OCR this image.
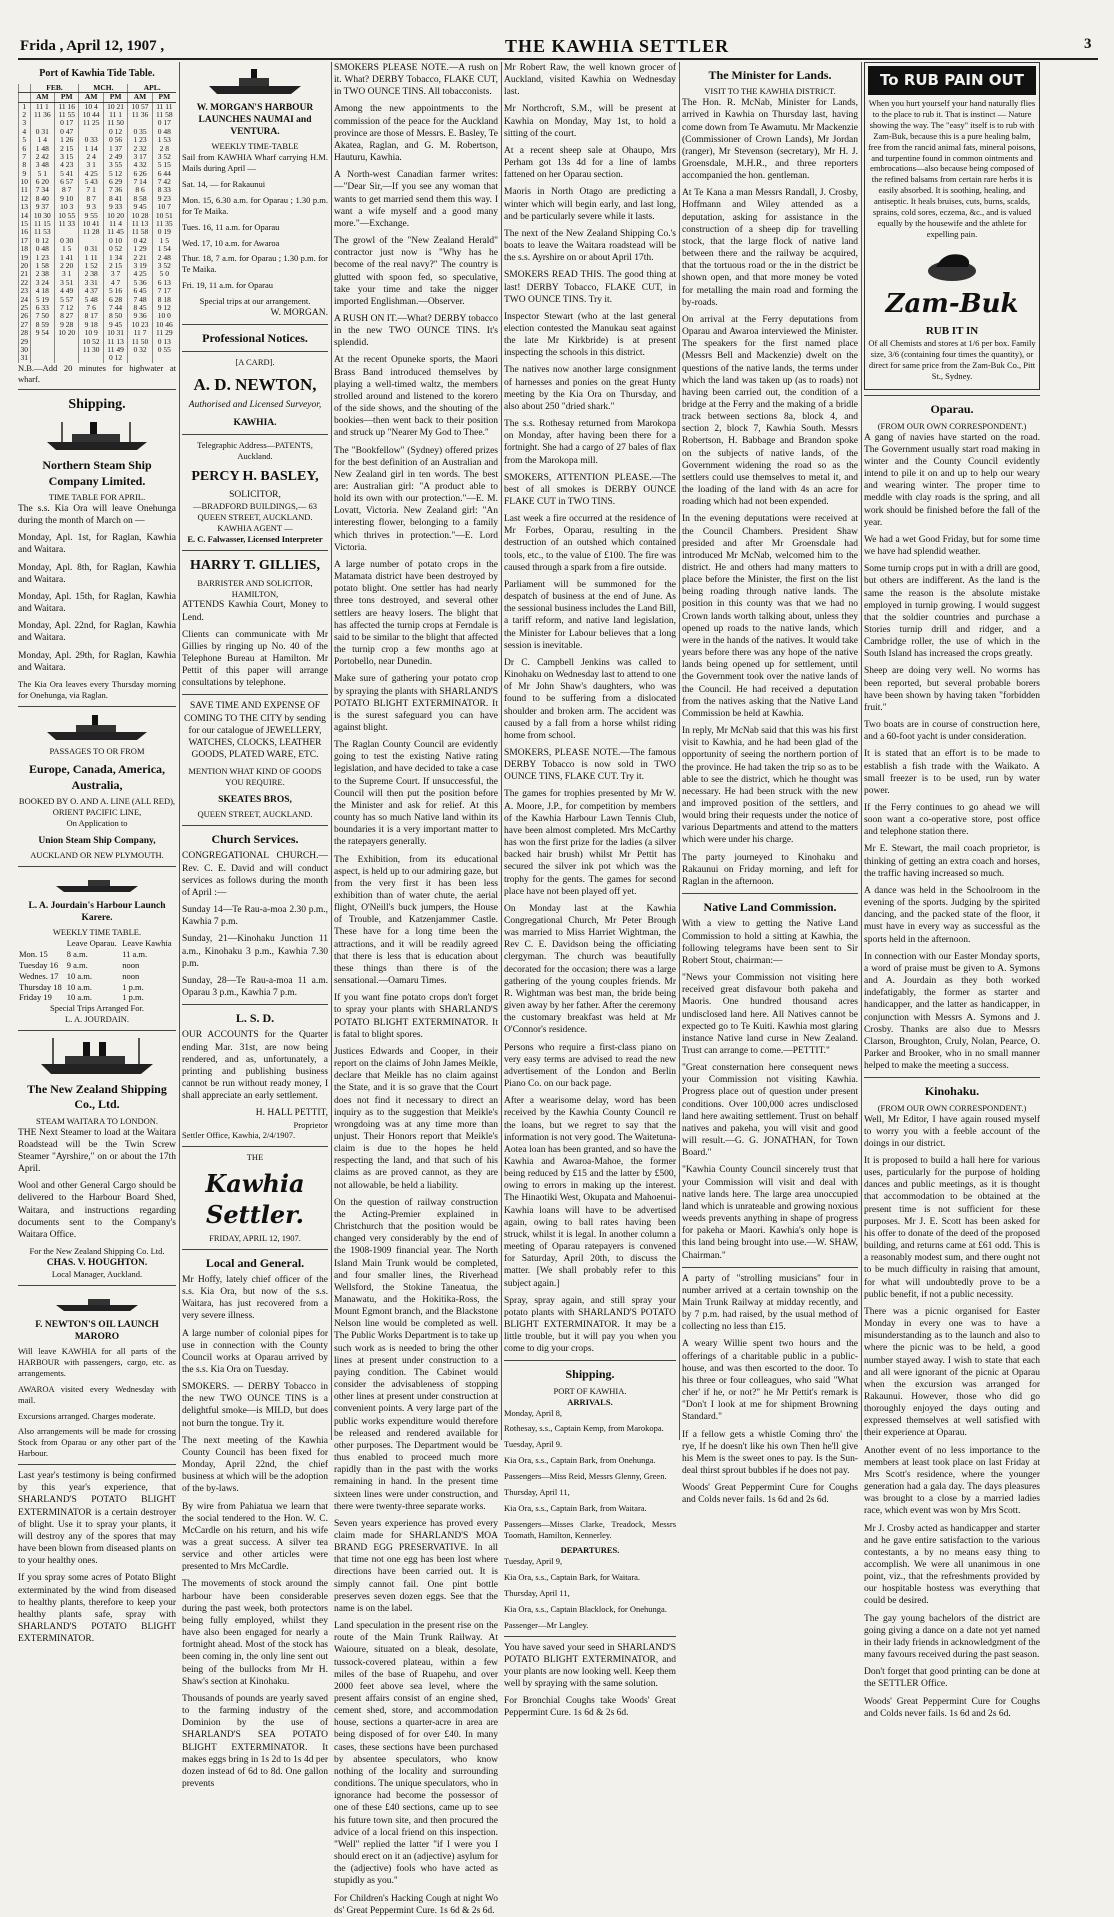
Frida , April 12, 1907 ,	THE KAWHIA SETTLER	3
Port of Kawhia Tide Table.
	FEB.		MCH.		APL.	
	AM	PM	AM	PM	AM	PM
1	11 1	11 16	10 4	10 21	10 57	11 11
2	11 36	11 55	10 44	11 1	11 36	11 58
3		0 17	11 25	11 50		0 17
4	0 31	0 47		0 12	0 35	0 48
5	1 4	1 26	0 33	0 56	1 23	1 53
6	1 48	2 15	1 14	1 37	2 32	2 8
7	2 42	3 15	2 4	2 49	3 17	3 52
8	3 48	4 23	3 1	3 55	4 32	5 15
9	5 1	5 41	4 25	5 12	6 26	6 44
10	6 20	6 57	5 43	6 29	7 14	7 42
11	7 34	8 7	7 1	7 36	8 6	8 33
12	8 40	9 10	8 7	8 41	8 58	9 23
13	9 37	10 3	9 3	9 33	9 45	10 7
14	10 30	10 55	9 55	10 20	10 28	10 51
15	11 15	11 33	10 41	11 4	11 13	11 35
16	11 53		11 28	11 45	11 58	0 19
17	0 12	0 30		0 10	0 42	1 5
18	0 48	1 5	0 31	0 52	1 29	1 54
19	1 23	1 41	1 11	1 34	2 21	2 48
20	1 58	2 20	1 52	2 15	3 19	3 52
21	2 38	3 1	2 38	3 7	4 25	5 0
22	3 24	3 51	3 31	4 7	5 36	6 13
23	4 18	4 49	4 37	5 16	6 45	7 17
24	5 19	5 57	5 48	6 28	7 48	8 18
25	6 33	7 12	7 6	7 44	8 45	9 12
26	7 50	8 27	8 17	8 50	9 36	10 0
27	8 59	9 28	9 18	9 45	10 23	10 46
28	9 54	10 20	10 9	10 31	11 7	11 29
29			10 52	11 13	11 50	0 13
30			11 30	11 49	0 32	0 55
31				0 12		

N.B.—Add 20 minutes for highwater at wharf.

Shipping.
Northern Steam Ship Company Limited.
TIME TABLE FOR APRIL.

The s.s. Kia Ora will leave Onehunga during the month of March on —

Monday, Apl. 1st, for Raglan, Kawhia and Waitara.

Monday, Apl. 8th, for Raglan, Kawhia and Waitara.

Monday, Apl. 15th, for Raglan, Kawhia and Waitara.

Monday, Apl. 22nd, for Raglan, Kawhia and Waitara.

Monday, Apl. 29th, for Raglan, Kawhia and Waitara.

The Kia Ora leaves every Thursday morning for Onehunga, via Raglan.

PASSAGES TO OR FROM
Europe, Canada, America, Australia,
BOOKED BY O. AND A. LINE (ALL RED), ORIENT PACIFIC LINE,
On Application to
Union Steam Ship Company,
AUCKLAND OR NEW PLYMOUTH.
L. A. Jourdain's Harbour Launch Karere.
WEEKLY TIME TABLE.
	Leave Oparau.	Leave Kawhia
Mon. 15	8 a.m.	11 a.m.
Tuesday 16	9 a.m.	noon
Wednes. 17	10 a.m.	noon
Thursday 18	10 a.m.	1 p.m.
Friday 19	10 a.m.	1 p.m.
Special Trips Arranged For.
L. A. JOURDAIN.
The New Zealand Shipping Co., Ltd.
STEAM WAITARA TO LONDON.

THE Next Steamer to load at the Waitara Roadstead will be the Twin Screw Steamer "Ayrshire," on or about the 17th April.

Wool and other General Cargo should be delivered to the Harbour Board Shed, Waitara, and instructions regarding documents sent to the Company's Waitara Office.

For the New Zealand Shipping Co. Ltd.
CHAS. V. HOUGHTON.
Local Manager, Auckland.
F. NEWTON'S OIL LAUNCH MARORO

Will leave KAWHIA for all parts of the HARBOUR with passengers, cargo, etc. as arrangements.

AWAROA visited every Wednesday with mail.

Excursions arranged. Charges moderate.

Also arrangements will be made for crossing Stock from Oparau or any other part of the Harbour.

Last year's testimony is being confirmed by this year's experience, that SHARLAND'S POTATO BLIGHT EXTERMINATOR is a certain destroyer of blight. Use it to spray your plants, it will destroy any of the spores that may have been blown from diseased plants on to your healthy ones.

If you spray some acres of Potato Blight exterminated by the wind from diseased to healthy plants, therefore to keep your healthy plants safe, spray with SHARLAND'S POTATO BLIGHT EXTERMINATOR.

W. MORGAN'S HARBOUR LAUNCHES NAUMAI and VENTURA.
WEEKLY TIME-TABLE

Sail from KAWHIA Wharf carrying H.M. Mails during April —

Sat. 14, — for Rakaunui

Mon. 15, 6.30 a.m. for Oparau ; 1.30 p.m. for Te Maika.

Tues. 16, 11 a.m. for Oparau

Wed. 17, 10 a.m. for Awaroa

Thur. 18, 7 a.m. for Oparau ; 1.30 p.m. for Te Maika.

Fri. 19, 11 a.m. for Oparau

Special trips at our arrangement.
W. MORGAN.
Professional Notices.
[A CARD].
A. D. NEWTON,
Authorised and Licensed Surveyor,
KAWHIA.
Telegraphic Address—PATENTS, Auckland.
PERCY H. BASLEY,
SOLICITOR,
—BRADFORD BUILDINGS,— 63 QUEEN STREET, AUCKLAND.
KAWHIA AGENT —
E. C. Falwasser, Licensed Interpreter
HARRY T. GILLIES,
BARRISTER AND SOLICITOR,
HAMILTON,

ATTENDS Kawhia Court, Money to Lend.

Clients can communicate with Mr Gillies by ringing up No. 40 of the Telephone Bureau at Hamilton. Mr Pettit of this paper will arrange consultations by telephone.

SAVE TIME AND EXPENSE OF COMING TO THE CITY by sending for our catalogue of JEWELLERY, WATCHES, CLOCKS, LEATHER GOODS, PLATED WARE, ETC.

MENTION WHAT KIND OF GOODS YOU REQUIRE.

SKEATES BROS,
QUEEN STREET, AUCKLAND.
Church Services.

CONGREGATIONAL CHURCH.—Rev. C. E. David and will conduct services as follows during the month of April :—

Sunday 14—Te Rau-a-moa 2.30 p.m., Kawhia 7 p.m.

Sunday, 21—Kinohaku Junction 11 a.m., Kinohaku 3 p.m., Kawhia 7.30 p.m.

Sunday, 28—Te Rau-a-moa 11 a.m. Oparau 3 p.m., Kawhia 7 p.m.

L. S. D.

OUR ACCOUNTS for the Quarter ending Mar. 31st, are now being rendered, and as, unfortunately, a printing and publishing business cannot be run without ready money, I shall appreciate an early settlement.

H. HALL PETTIT,
Proprietor
Settler Office, Kawhia, 2/4/1907.
THE
Kawhia Settler.
FRIDAY, APRIL 12, 1907.
Local and General.

Mr Hoffy, lately chief officer of the s.s. Kia Ora, but now of the s.s. Waitara, has just recovered from a very severe illness.

A large number of colonial pipes for use in connection with the County Council works at Oparau arrived by the s.s. Kia Ora on Tuesday.

SMOKERS. — DERBY Tobacco in the new TWO OUNCE TINS is a delightful smoke—is MILD, but does not burn the tongue. Try it.

The next meeting of the Kawhia County Council has been fixed for Monday, April 22nd, the chief business at which will be the adoption of the by-laws.

By wire from Pahiatua we learn that the social tendered to the Hon. W. C. McCardle on his return, and his wife was a great success. A silver tea service and other articles were presented to Mrs McCardle.

The movements of stock around the harbour have been considerable during the past week, both protectors being fully employed, whilst they have also been engaged for nearly a fortnight ahead. Most of the stock has been coming in, the only line sent out being of the bullocks from Mr H. Shaw's section at Kinohaku.

Thousands of pounds are yearly saved to the farming industry of the Dominion by the use of SHARLAND'S SEA POTATO BLIGHT EXTERMINATOR. It makes eggs bring in 1s 2d to 1s 4d per dozen instead of 6d to 8d. One gallon prevents

SMOKERS PLEASE NOTE.—A rush on it. What? DERBY Tobacco, FLAKE CUT, in TWO OUNCE TINS. All tobacconists.

Among the new appointments to the commission of the peace for the Auckland province are those of Messrs. E. Basley, Te Akatea, Raglan, and G. M. Robertson, Hauturu, Kawhia.

A North-west Canadian farmer writes:—"Dear Sir,—If you see any woman that wants to get married send them this way. I want a wife myself and a good many more."—Exchange.

The growl of the "New Zealand Herald" contractor just now is "Why has he become of the real navy?" The country is glutted with spoon fed, so speculative, take your time and take the nigger imported Englishman.—Observer.

A RUSH ON IT.—What? DERBY tobacco in the new TWO OUNCE TINS. It's splendid.

At the recent Opuneke sports, the Maori Brass Band introduced themselves by playing a well-timed waltz, the members strolled around and listened to the korero of the side shows, and the shouting of the bookies—then went back to their position and struck up "Nearer My God to Thee."

The "Bookfellow" (Sydney) offered prizes for the best definition of an Australian and New Zealand girl in ten words. The best are: Australian girl: "A product able to hold its own with our protection."—E. M. Lovatt, Victoria. New Zealand girl: "An interesting flower, belonging to a family which thrives in protection."—E. Lord Victoria.

A large number of potato crops in the Matamata district have been destroyed by potato blight. One settler has had nearly three tons destroyed, and several other settlers are heavy losers. The blight that has affected the turnip crops at Ferndale is said to be similar to the blight that affected the turnip crop a few months ago at Portobello, near Dunedin.

Make sure of gathering your potato crop by spraying the plants with SHARLAND'S POTATO BLIGHT EXTERMINATOR. It is the surest safeguard you can have against blight.

The Raglan County Council are evidently going to test the existing Native rating legislation, and have decided to take a case to the Supreme Court. If unsuccessful, the Council will then put the position before the Minister and ask for relief. At this county has so much Native land within its boundaries it is a very important matter to the ratepayers generally.

The Exhibition, from its educational aspect, is held up to our admiring gaze, but from the very first it has been less exhibition than of water chute, the aerial flight, O'Neill's buck jumpers, the House of Trouble, and Katzenjammer Castle. These have for a long time been the attractions, and it will be readily agreed that there is less that is education about these things than there is of the sensational.—Oamaru Times.

If you want fine potato crops don't forget to spray your plants with SHARLAND'S POTATO BLIGHT EXTERMINATOR. It is fatal to blight spores.

Justices Edwards and Cooper, in their report on the claims of John James Meikle, declare that Meikle has no claim against the State, and it is so grave that the Court does not find it necessary to direct an inquiry as to the suggestion that Meikle's wrongdoing was at any time more than unjust. Their Honors report that Meikle's claim is due to the hopes he held respecting the land, and that such of his claims as are proved cannot, as they are not allowable, be held a liability.

On the question of railway construction the Acting-Premier explained in Christchurch that the position would be changed very considerably by the end of the 1908-1909 financial year. The North Island Main Trunk would be completed, and four smaller lines, the Riverhead Wellsford, the Stokine Taneatua, the Manawatu, and the Hokitika-Ross, the Mount Egmont branch, and the Blackstone Nelson line would be completed as well. The Public Works Department is to take up such work as is needed to bring the other lines at present under construction to a paying condition. The Cabinet would consider the advisableness of stopping other lines at present under construction at convenient points. A very large part of the public works expenditure would therefore be released and rendered available for other purposes. The Department would be thus enabled to proceed much more rapidly than in the past with the works remaining in hand. In the present time sixteen lines were under construction, and there were twenty-three separate works.

Seven years experience has proved every claim made for SHARLAND'S MOA BRAND EGG PRESERVATIVE. In all that time not one egg has been lost where directions have been carried out. It is simply cannot fail. One pint bottle preserves seven dozen eggs. See that the name is on the label.

Land speculation in the present rise on the route of the Main Trunk Railway. At Waioure, situated on a bleak, desolate, tussock-covered plateau, within a few miles of the base of Ruapehu, and over 2000 feet above sea level, where the present affairs consist of an engine shed, cement shed, store, and accommodation house, sections a quarter-acre in area are being disposed of for over £40. In many cases, these sections have been purchased by absentee speculators, who know nothing of the locality and surrounding conditions. The unique speculators, who in ignorance had become the possessor of one of these £40 sections, came up to see his future town site, and then procured the advice of a local friend on this inspection. "Well" replied the latter "if I were you I should erect on it an (adjective) asylum for the (adjective) fools who have acted as stupidly as you."

For Children's Hacking Cough at night Wo ds' Great Peppermint Cure. 1s 6d & 2s 6d.

Mr Robert Raw, the well known grocer of Auckland, visited Kawhia on Wednesday last.

Mr Northcroft, S.M., will be present at Kawhia on Monday, May 1st, to hold a sitting of the court.

At a recent sheep sale at Ohaupo, Mrs Perham got 13s 4d for a line of lambs fattened on her Oparau section.

Maoris in North Otago are predicting a winter which will begin early, and last long, and be particularly severe while it lasts.

The next of the New Zealand Shipping Co.'s boats to leave the Waitara roadstead will be the s.s. Ayrshire on or about April 17th.

SMOKERS READ THIS. The good thing at last! DERBY Tobacco, FLAKE CUT, in TWO OUNCE TINS. Try it.

Inspector Stewart (who at the last general election contested the Manukau seat against the late Mr Kirkbride) is at present inspecting the schools in this district.

The natives now another large consignment of harnesses and ponies on the great Hunty meeting by the Kia Ora on Thursday, and also about 250 "dried shark."

The s.s. Rothesay returned from Marokopa on Monday, after having been there for a fortnight. She had a cargo of 27 bales of flax from the Marokopa mill.

SMOKERS, ATTENTION PLEASE.—The best of all smokes is DERBY OUNCE FLAKE CUT in TWO TINS.

Last week a fire occurred at the residence of Mr Forbes, Oparau, resulting in the destruction of an outshed which contained tools, etc., to the value of £100. The fire was caused through a spark from a fire outside.

Parliament will be summoned for the despatch of business at the end of June. As the sessional business includes the Land Bill, a tariff reform, and native land legislation, the Minister for Labour believes that a long session is inevitable.

Dr C. Campbell Jenkins was called to Kinohaku on Wednesday last to attend to one of Mr John Shaw's daughters, who was found to be suffering from a dislocated shoulder and broken arm. The accident was caused by a fall from a horse whilst riding home from school.

SMOKERS, PLEASE NOTE.—The famous DERBY Tobacco is now sold in TWO OUNCE TINS, FLAKE CUT. Try it.

The games for trophies presented by Mr W. A. Moore, J.P., for competition by members of the Kawhia Harbour Lawn Tennis Club, have been almost completed. Mrs McCarthy has won the first prize for the ladies (a silver backed hair brush) whilst Mr Pettit has secured the silver ink pot which was the trophy for the gents. The games for second place have not been played off yet.

On Monday last at the Kawhia Congregational Church, Mr Peter Brough was married to Miss Harriet Wightman, the Rev C. E. Davidson being the officiating clergyman. The church was beautifully decorated for the occasion; there was a large gathering of the young couples friends. Mr R. Wightman was best man, the bride being given away by her father. After the ceremony the customary breakfast was held at Mr O'Connor's residence.

Persons who require a first-class piano on very easy terms are advised to read the new advertisement of the London and Berlin Piano Co. on our back page.

After a wearisome delay, word has been received by the Kawhia County Council re the loans, but we regret to say that the information is not very good. The Waitetuna-Aotea loan has been granted, and so have the Kawhia and Awaroa-Mahoe, the former being reduced by £15 and the latter by £500, owing to errors in making up the interest. The Hinaotiki West, Okupata and Mahoenui-Kawhia loans will have to be advertised again, owing to ball rates having been struck, whilst it is legal. In another column a meeting of Oparau ratepayers is convened for Saturday, April 20th, to discuss the matter. [We shall probably refer to this subject again.]

Spray, spray again, and still spray your potato plants with SHARLAND'S POTATO BLIGHT EXTERMINATOR. It may be a little trouble, but it will pay you when you come to dig your crops.

Shipping.
PORT OF KAWHIA.
ARRIVALS.

Monday, April 8,

Rothesay, s.s., Captain Kemp, from Marokopa.

Tuesday, April 9.

Kia Ora, s.s., Captain Bark, from Onehunga.

Passengers—Miss Reid, Messrs Glenny, Green.

Thursday, April 11,

Kia Ora, s.s., Captain Bark, from Waitara.

Passengers—Misses Clarke, Treadock, Messrs Toomath, Hamilton, Kennerley.

DEPARTURES.

Tuesday, April 9,

Kia Ora, s.s., Captain Bark, for Waitara.

Thursday, April 11,

Kia Ora, s.s., Captain Blacklock, for Onehunga.

Passenger—Mr Langley.

You have saved your seed in SHARLAND'S POTATO BLIGHT EXTERMINATOR, and your plants are now looking well. Keep them well by spraying with the same solution.

For Bronchial Coughs take Woods' Great Peppermint Cure. 1s 6d & 2s 6d.

The Minister for Lands.
VISIT TO THE KAWHIA DISTRICT.

The Hon. R. McNab, Minister for Lands, arrived in Kawhia on Thursday last, having come down from Te Awamutu. Mr Mackenzie (Commissioner of Crown Lands), Mr Jordan (ranger), Mr Stevenson (secretary), Mr H. J. Groensdale, M.H.R., and three reporters accompanied the hon. gentleman.

At Te Kana a man Messrs Randall, J. Crosby, Hoffmann and Wiley attended as a deputation, asking for assistance in the construction of a sheep dip for travelling stock, that the large flock of native land between there and the railway be acquired, that the tortuous road or the in the district be shown open, and that more money be voted for metalling the main road and forming the by-roads.

On arrival at the Ferry deputations from Oparau and Awaroa interviewed the Minister. The speakers for the first named place (Messrs Bell and Mackenzie) dwelt on the questions of the native lands, the terms under which the land was taken up (as to roads) not having been carried out, the condition of a bridge at the Ferry and the making of a bridle track between sections 8a, block 4, and section 2, block 7, Kawhia South. Messrs Robertson, H. Babbage and Brandon spoke on the subjects of native lands, of the Government widening the road so as the settlers could use themselves to metal it, and the loading of the land with 4s an acre for roading which had not been expended.

In the evening deputations were received at the Council Chambers. President Shaw presided and after Mr Groensdale had introduced Mr McNab, welcomed him to the district. He and others had many matters to place before the Minister, the first on the list being roading through native lands. The position in this county was that we had no Crown lands worth talking about, unless they opened up roads to the native lands, which were in the hands of the natives. It would take years before there was any hope of the native lands being opened up for settlement, until the Government took over the native lands of the Council. He had received a deputation from the natives asking that the Native Land Commission be held at Kawhia.

In reply, Mr McNab said that this was his first visit to Kawhia, and he had been glad of the opportunity of seeing the northern portion of the province. He had taken the trip so as to be able to see the district, which he thought was necessary. He had been struck with the new and improved position of the settlers, and would bring their requests under the notice of various Departments and attend to the matters which were under his charge.

The party journeyed to Kinohaku and Rakaunui on Friday morning, and left for Raglan in the afternoon.

Native Land Commission.

With a view to getting the Native Land Commission to hold a sitting at Kawhia, the following telegrams have been sent to Sir Robert Stout, chairman:—

"News your Commission not visiting here received great disfavour both pakeha and Maoris. One hundred thousand acres undisclosed land here. All Natives cannot be expected go to Te Kuiti. Kawhia most glaring instance Native land curse in New Zealand. Trust can arrange to come.—PETTIT."

"Great consternation here consequent news your Commission not visiting Kawhia. Progress place out of question under present conditions. Over 100,000 acres undisclosed land here awaiting settlement. Trust on behalf natives and pakeha, you will visit and good will result.—G. G. JONATHAN, for Town Board."

"Kawhia County Council sincerely trust that your Commission will visit and deal with native lands here. The large area unoccupied land which is unrateable and growing noxious weeds prevents anything in shape of progress for pakeha or Maori. Kawhia's only hope is this land being brought into use.—W. SHAW, Chairman."

A party of "strolling musicians" four in number arrived at a certain township on the Main Trunk Railway at midday recently, and by 7 p.m. had raised, by the usual method of collecting no less than £15.

A weary Willie spent two hours and the offerings of a charitable public in a public-house, and was then escorted to the door. To his three or four colleagues, who said "What cher' if he, or not?" he Mr Pettit's remark is "Don't I look at me for shipment Browning Standard."

If a fellow gets a whistle Coming thro' the rye, If he doesn't like his own Then he'll give his Mem is the sweet ones to pay. Is the Sun-deal thirst sprout bubbles if he does not pay.

Woods' Great Peppermint Cure for Coughs and Colds never fails. 1s 6d and 2s 6d.

To RUB PAIN OUT

When you hurt yourself your hand naturally flies to the place to rub it. That is instinct — Nature showing the way. The "easy" itself is to rub with Zam-Buk, because this is a pure healing balm, free from the rancid animal fats, mineral poisons, and turpentine found in common ointments and embrocations—also because being composed of the refined balsams from certain rare herbs it is easily absorbed. It is soothing, healing, and antiseptic. It heals bruises, cuts, burns, scalds, sprains, cold sores, eczema, &c., and is valued equally by the housewife and the athlete for expelling pain.

Zam-Buk
RUB IT IN

Of all Chemists and stores at 1/6 per box. Family size, 3/6 (containing four times the quantity), or direct for same price from the Zam-Buk Co., Pitt St., Sydney.

Oparau.
(FROM OUR OWN CORRESPONDENT.)

A gang of navies have started on the road. The Government usually start road making in winter and the County Council evidently intend to pile it on and up to help our weary and wearing winter. The proper time to meddle with clay roads is the spring, and all work should be finished before the fall of the year.

We had a wet Good Friday, but for some time we have had splendid weather.

Some turnip crops put in with a drill are good, but others are indifferent. As the land is the same the reason is the absolute mistake employed in turnip growing. I would suggest that the soldier countries and purchase a Stories turnip drill and ridger, and a Cambridge roller, the use of which in the South Island has increased the crops greatly.

Sheep are doing very well. No worms has been reported, but several probable borers have been shown by having taken "forbidden fruit."

Two boats are in course of construction here, and a 60-foot yacht is under consideration.

It is stated that an effort is to be made to establish a fish trade with the Waikato. A small freezer is to be used, run by water power.

If the Ferry continues to go ahead we will soon want a co-operative store, post office and telephone station there.

Mr E. Stewart, the mail coach proprietor, is thinking of getting an extra coach and horses, the traffic having increased so much.

A dance was held in the Schoolroom in the evening of the sports. Judging by the spirited dancing, and the packed state of the floor, it must have in every way as successful as the sports held in the afternoon.

In connection with our Easter Monday sports, a word of praise must be given to A. Symons and A. Jourdain as they both worked indefatigably, the former as starter and handicapper, and the latter as handicapper, in conjunction with Messrs A. Symons and J. Crosby. Thanks are also due to Messrs Clarson, Broughton, Cruly, Nolan, Pearce, O. Parker and Brooker, who in no small manner helped to make the meeting a success.

Kinohaku.
(FROM OUR OWN CORRESPONDENT.)

Well, Mr Editor, I have again roused myself to worry you with a feeble account of the doings in our district.

It is proposed to build a hall here for various uses, particularly for the purpose of holding dances and public meetings, as it is thought that accommodation to be obtained at the present time is not sufficient for these purposes. Mr J. E. Scott has been asked for his offer to donate of the deed of the proposed building, and returns came at £61 odd. This is a reasonably modest sum, and there ought not to be much difficulty in raising that amount, for what will undoubtedly prove to be a public benefit, if not a public necessity.

There was a picnic organised for Easter Monday in every one was to have a misunderstanding as to the launch and also to where the picnic was to be held, a good number stayed away. I wish to state that each and all were ignorant of the picnic at Oparau when the excursion was arranged for Rakaunui. However, those who did go thoroughly enjoyed the days outing and expressed themselves at well satisfied with their experience at Oparau.

Another event of no less importance to the members at least took place on last Friday at Mrs Scott's residence, where the younger generation had a gala day. The days pleasures was brought to a close by a married ladies race, which event was won by Mrs Scott.

Mr J. Crosby acted as handicapper and starter and he gave entire satisfaction to the various contestants, a by no means easy thing to accomplish. We were all unanimous in one point, viz., that the refreshments provided by our hospitable hostess was everything that could be desired.

The gay young bachelors of the district are going giving a dance on a date not yet named in their lady friends in acknowledgment of the many favours received during the past season.

Don't forget that good printing can be done at the SETTLER Office.

Woods' Great Peppermint Cure for Coughs and Colds never fails. 1s 6d and 2s 6d.
